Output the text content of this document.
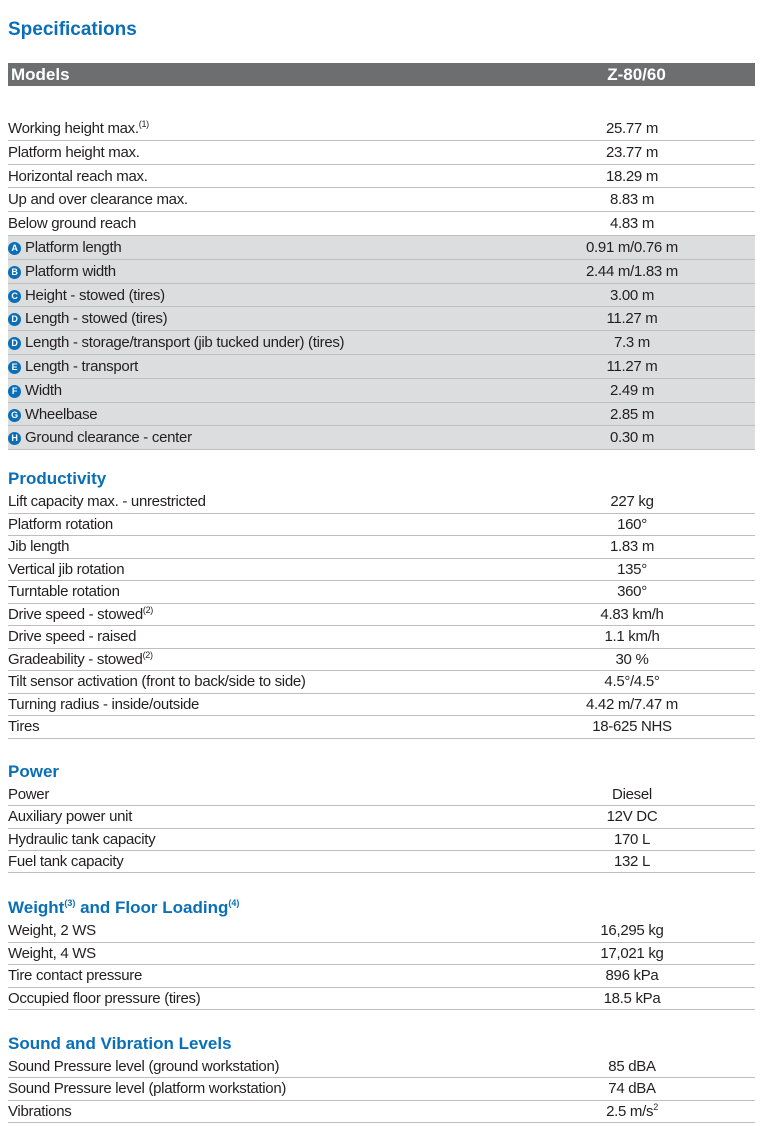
Specifications
Models	Z-80/60
Working height max.$^{(1)}$	25.77 m
Platform height max.	23.77 m
Horizontal reach max.	18.29 m
Up and over clearance max.	8.83 m
Below ground reach	4.83 m
A Platform length	0.91 m/0.76 m
B Platform width	2.44 m/1.83 m
C Height - stowed (tires)	3.00 m
D Length - stowed (tires)	11.27 m
D Length - storage/transport (jib tucked under) (tires)	7.3 m
E Length - transport	11.27 m
F Width	2.49 m
G Wheelbase	2.85 m
H Ground clearance - center	0.30 m
Productivity
Lift capacity max. - unrestricted	227 kg
Platform rotation	160°
Jib length	1.83 m
Vertical jib rotation	135°
Turntable rotation	360°
Drive speed - stowed$^{(2)}$	4.83 km/h
Drive speed - raised	1.1 km/h
Gradeability - stowed$^{(2)}$	30 %
Tilt sensor activation (front to back/side to side)	4.5°/4.5°
Turning radius - inside/outside	4.42 m/7.47 m
Tires	18-625 NHS
Power
Power	Diesel
Auxiliary power unit	12V DC
Hydraulic tank capacity	170 L
Fuel tank capacity	132 L
Weight$^{(3)}$ and Floor Loading$^{(4)}$
Weight, 2 WS	16,295 kg
Weight, 4 WS	17,021 kg
Tire contact pressure	896 kPa
Occupied floor pressure (tires)	18.5 kPa
Sound and Vibration Levels
Sound Pressure level (ground workstation)	85 dBA
Sound Pressure level (platform workstation)	74 dBA
Vibrations	2.5 $m/s^2$
